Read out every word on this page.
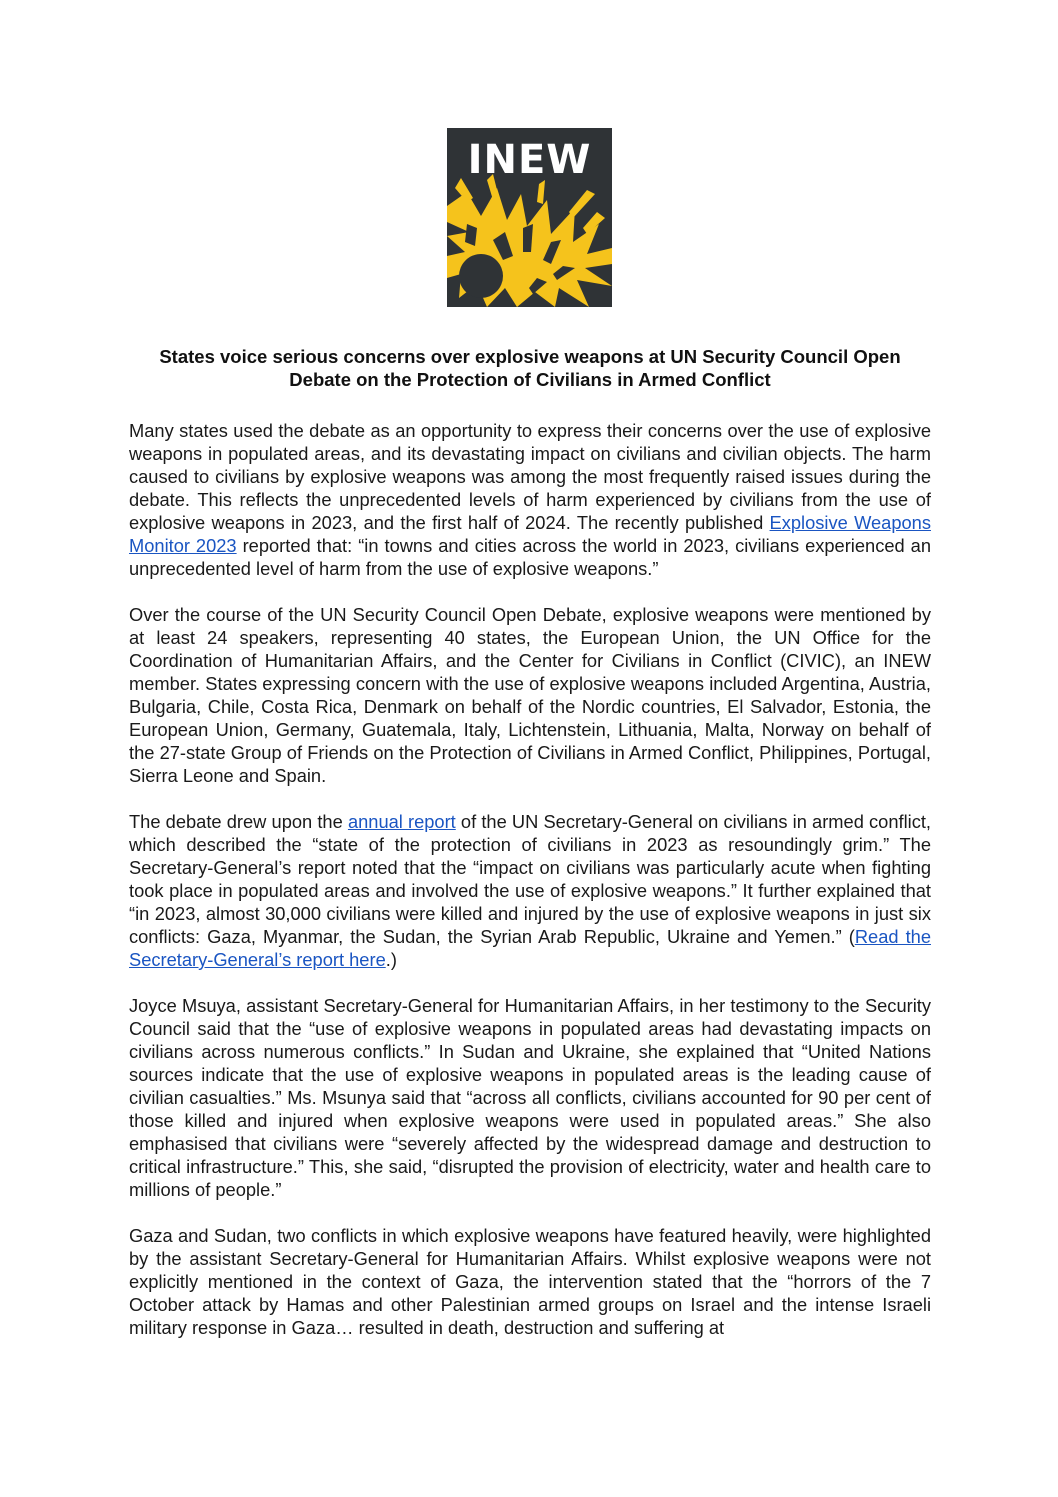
INEW
States voice serious concerns over explosive weapons at UN Security Council Open Debate on the Protection of Civilians in Armed Conflict

Many states used the debate as an opportunity to express their concerns over the use of explosive weapons in populated areas, and its devastating impact on civilians and civilian objects. The harm caused to civilians by explosive weapons was among the most frequently raised issues during the debate. This reflects the unprecedented levels of harm experienced by civilians from the use of explosive weapons in 2023, and the first half of 2024. The recently published Explosive Weapons Monitor 2023 reported that: “in towns and cities across the world in 2023, civilians experienced an unprecedented level of harm from the use of explosive weapons.”

Over the course of the UN Security Council Open Debate, explosive weapons were mentioned by at least 24 speakers, representing 40 states, the European Union, the UN Office for the Coordination of Humanitarian Affairs, and the Center for Civilians in Conflict (CIVIC), an INEW member. States expressing concern with the use of explosive weapons included Argentina, Austria, Bulgaria, Chile, Costa Rica, Denmark on behalf of the Nordic countries, El Salvador, Estonia, the European Union, Germany, Guatemala, Italy, Lichtenstein, Lithuania, Malta, Norway on behalf of the 27-state Group of Friends on the Protection of Civilians in Armed Conflict, Philippines, Portugal, Sierra Leone and Spain.

The debate drew upon the annual report of the UN Secretary-General on civilians in armed conflict, which described the “state of the protection of civilians in 2023 as resoundingly grim.” The Secretary-General’s report noted that the “impact on civilians was particularly acute when fighting took place in populated areas and involved the use of explosive weapons.” It further explained that “in 2023, almost 30,000 civilians were killed and injured by the use of explosive weapons in just six conflicts: Gaza, Myanmar, the Sudan, the Syrian Arab Republic, Ukraine and Yemen.” (Read the Secretary-General’s report here.)

Joyce Msuya, assistant Secretary-General for Humanitarian Affairs, in her testimony to the Security Council said that the “use of explosive weapons in populated areas had devastating impacts on civilians across numerous conflicts.” In Sudan and Ukraine, she explained that “United Nations sources indicate that the use of explosive weapons in populated areas is the leading cause of civilian casualties.” Ms. Msunya said that “across all conflicts, civilians accounted for 90 per cent of those killed and injured when explosive weapons were used in populated areas.” She also emphasised that civilians were “severely affected by the widespread damage and destruction to critical infrastructure.” This, she said, “disrupted the provision of electricity, water and health care to millions of people.”

Gaza and Sudan, two conflicts in which explosive weapons have featured heavily, were highlighted by the assistant Secretary-General for Humanitarian Affairs. Whilst explosive weapons were not explicitly mentioned in the context of Gaza, the intervention stated that the “horrors of the 7 October attack by Hamas and other Palestinian armed groups on Israel and the intense Israeli military response in Gaza… resulted in death, destruction and suffering at
